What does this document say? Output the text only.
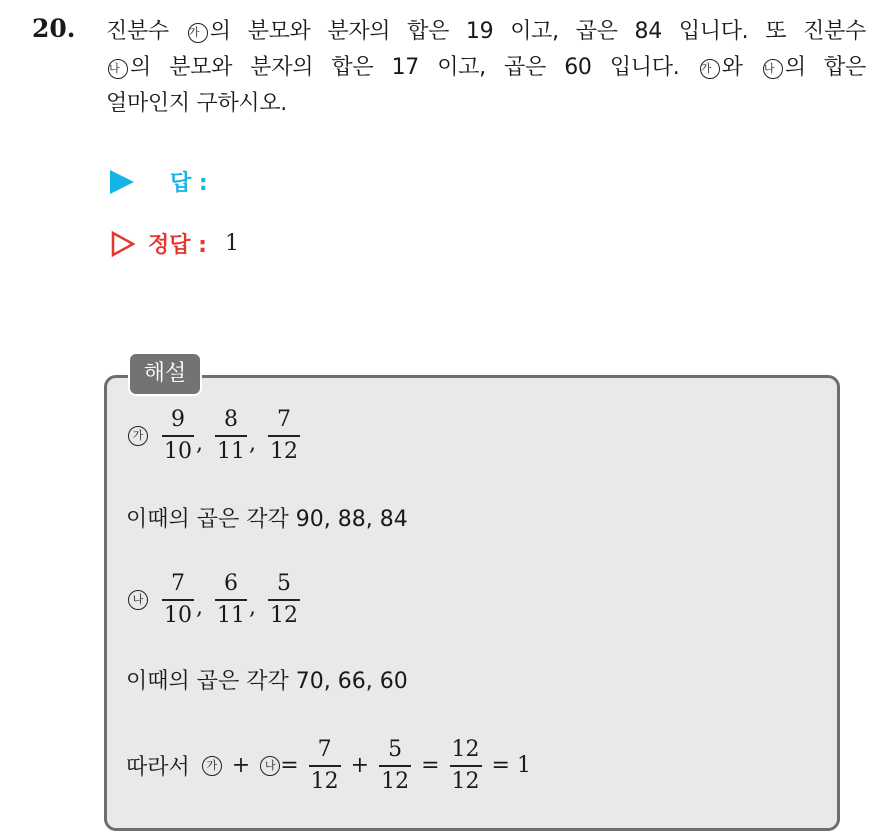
20. 진분수 가 의 분모와 분자의 합은 19 이고, 곱은 84 입니다. 또 진분수
나 의 분모와 분자의 합은 17 이고, 곱은 60 입니다. 가 와 나 의 합은
얼마인지 구하시오.
답 :
정답 : 1
해설
가 $\frac{9}{10}$ , $\frac{8}{11}$ , $\frac{7}{12}$
이때의 곱은 각각 90, 88, 84
나 $\frac{7}{10}$ , $\frac{6}{11}$ , $\frac{5}{12}$
이때의 곱은 각각 70, 66, 60
따라서	가 +	나 = $\frac{7}{12} + \frac{5}{12} = \frac{12}{12} = 1$
